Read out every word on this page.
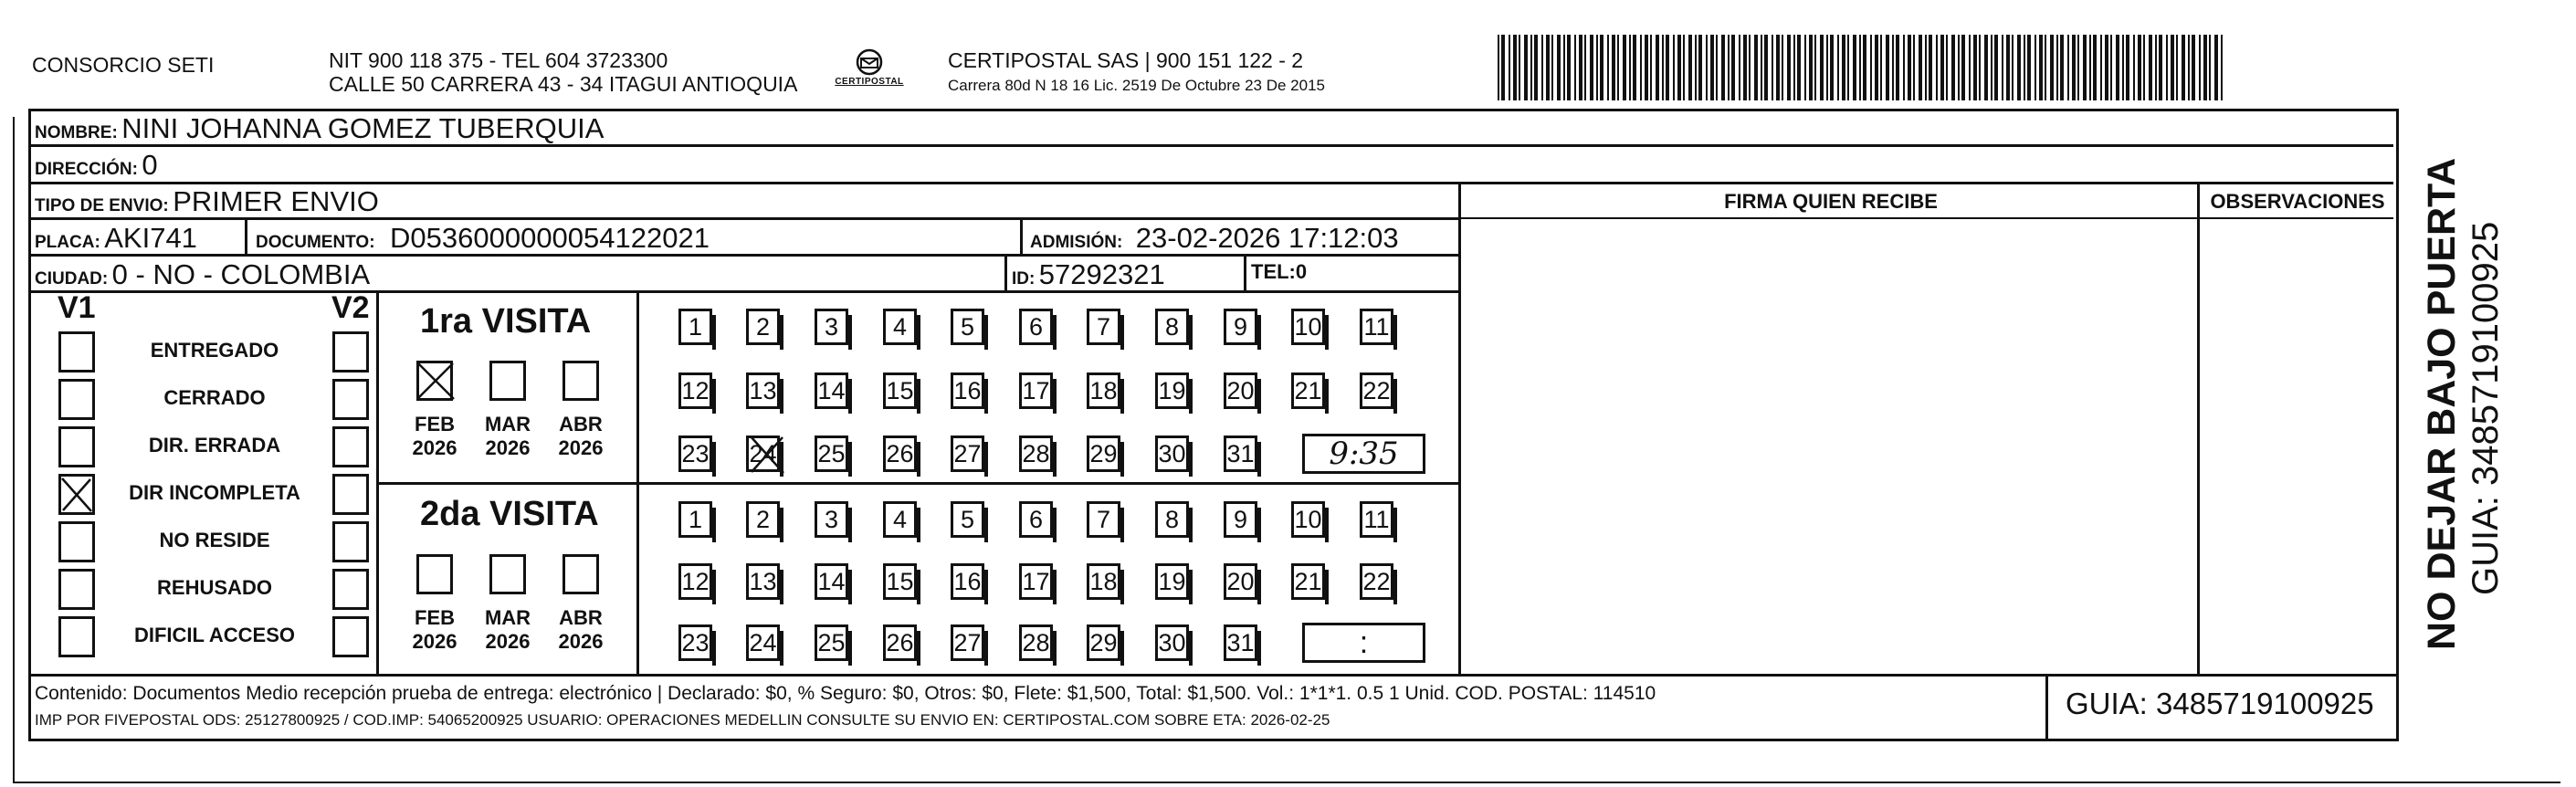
CONSORCIO SETI	NIT 900 118 375 - TEL 604 3723300
CALLE 50 CARRERA 43 - 34 ITAGUI ANTIOQUIA	CERTIPOSTAL
CERTIPOSTAL SAS | 900 151 122 - 2
Carrera 80d N 18 16 Lic. 2519 De Octubre 23 De 2015
NOMBRE: NINI JOHANNA GOMEZ TUBERQUIA
DIRECCIÓN: 0
TIPO DE ENVIO: PRIMER ENVIO	FIRMA QUIEN RECIBE	OBSERVACIONES
PLACA: AKI741	DOCUMENTO: D0536000000054122021	ADMISIÓN: 23-02-2026 17:12:03
CIUDAD: 0 - NO - COLOMBIA	ID: 57292321	TEL:0
V1	V2
ENTREGADO
CERRADO
DIR. ERRADA
DIR INCOMPLETA
NO RESIDE
REHUSADO
DIFICIL ACCESO
1ra VISITA
2da VISITA
FEB
2026
MAR
2026
ABR
2026
FEB
2026
MAR
2026
ABR
2026
1	2	3	4	5	6	7	8	9	10 11
12 13 14 15 16 17 18 19 20 21 22
23 24 25 26 27 28 29 30 31	9:35
1	2	3	4	5	6	7	8	9	10 11
12 13 14 15 16 17 18 19 20 21 22
23 24 25 26 27 28 29 30 31	:
Contenido: Documentos Medio recepción prueba de entrega: electrónico | Declarado: $0, % Seguro: $0, Otros: $0, Flete: $1,500, Total: $1,500. Vol.: 1*1*1. 0.5 1 Unid. COD. POSTAL: 114510
IMP POR FIVEPOSTAL ODS: 25127800925 / COD.IMP: 54065200925 USUARIO: OPERACIONES MEDELLIN CONSULTE SU ENVIO EN: CERTIPOSTAL.COM SOBRE ETA: 2026-02-25	GUIA: 3485719100925
NO DEJAR BAJO PUERTA GUIA: 3485719100925
